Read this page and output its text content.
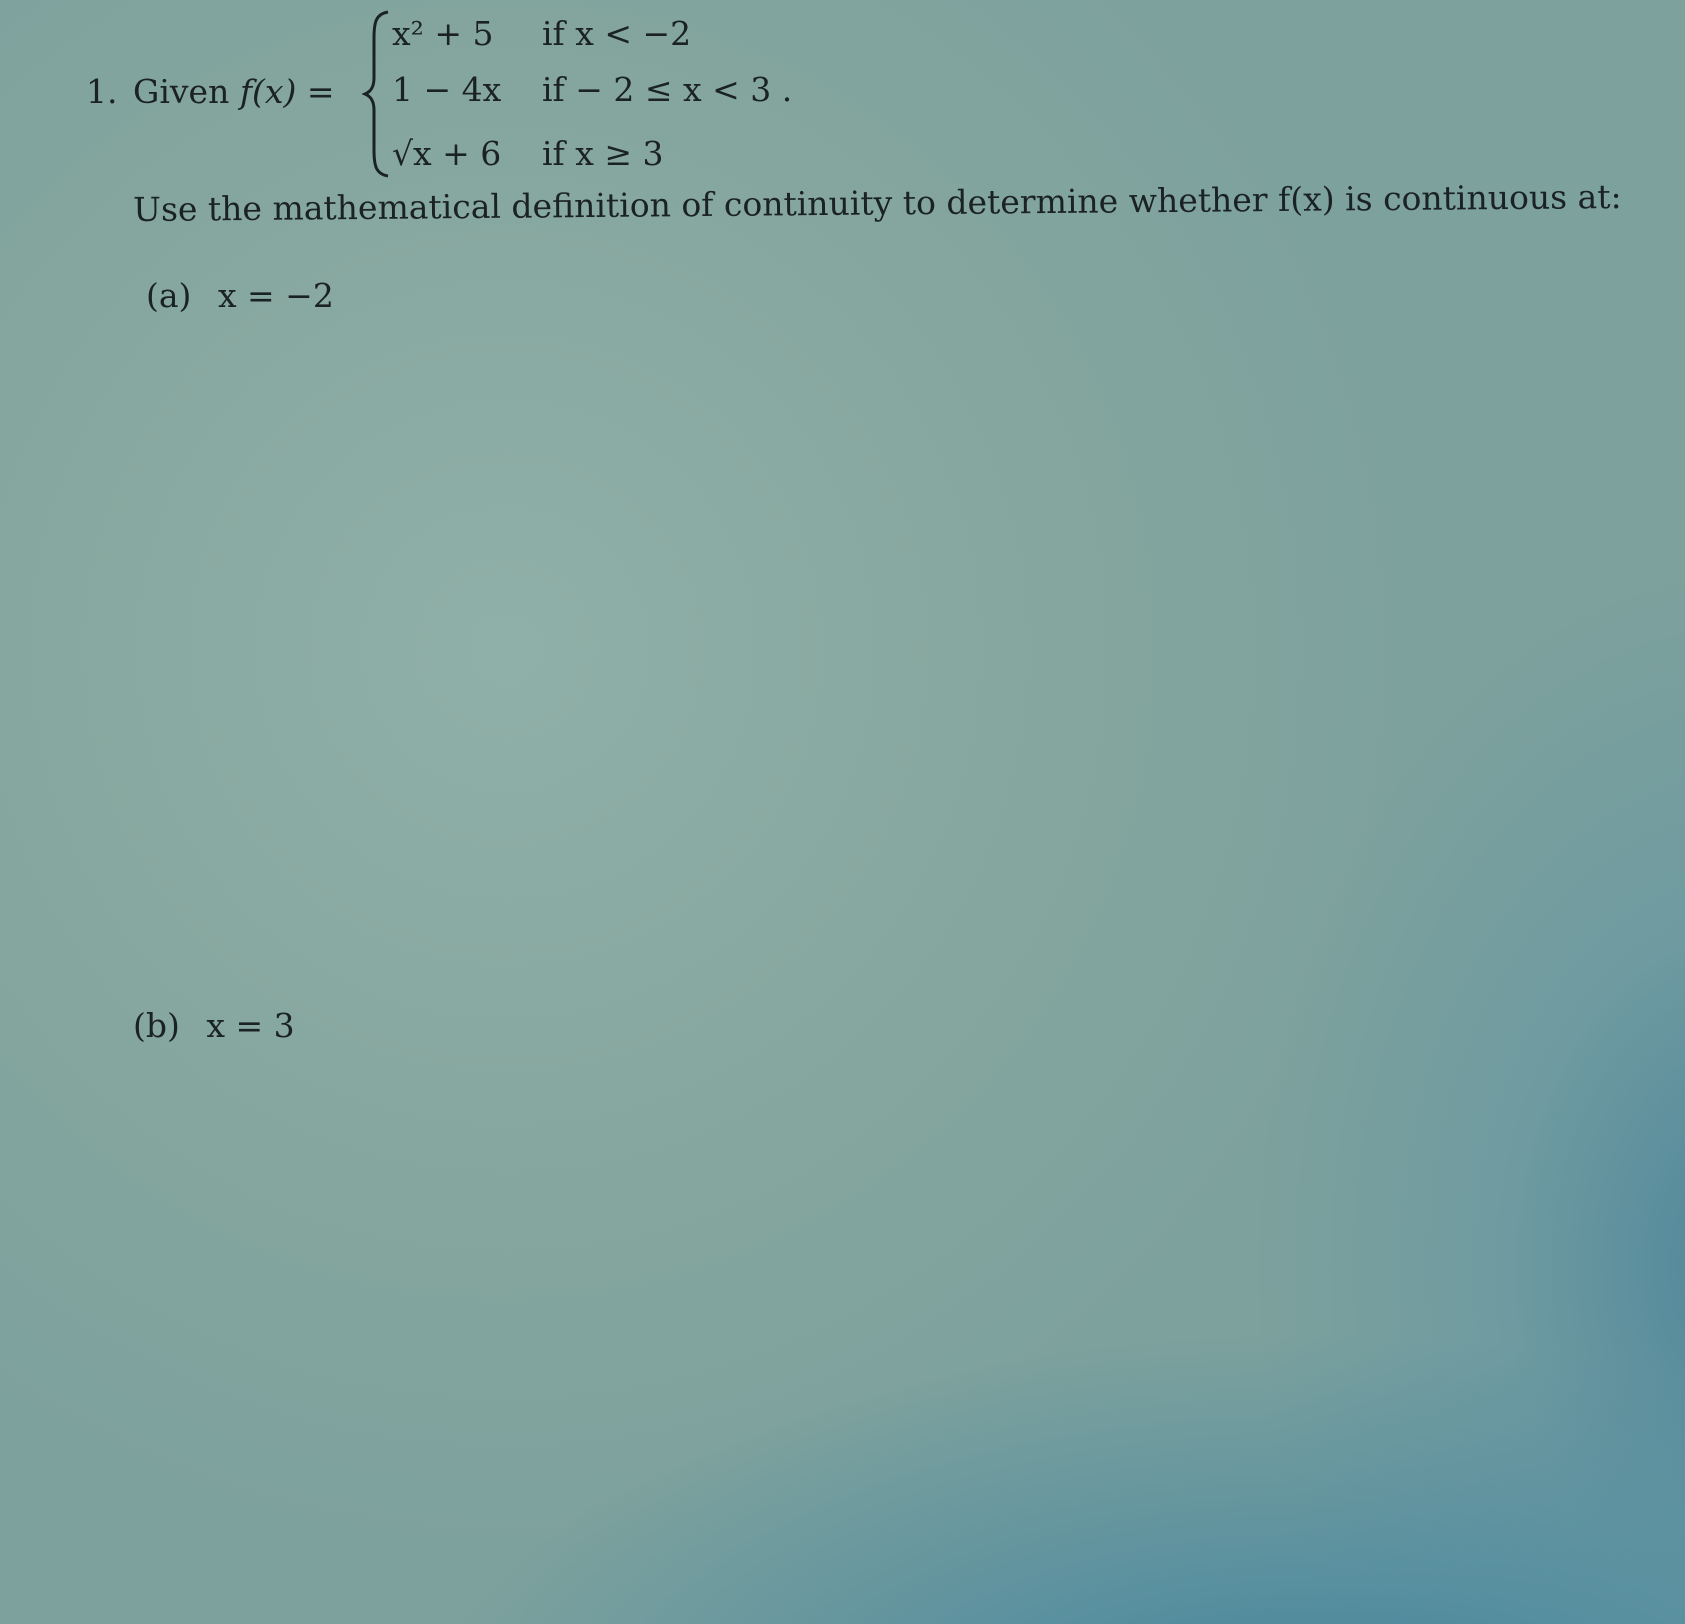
1. Given f(x) =
x² + 5 if x < −2
1 − 4x if − 2 ≤ x < 3 .
√x + 6 if x ≥ 3
Use the mathematical definition of continuity to determine whether f(x) is continuous at:
(a) x = −2
(b) x = 3
